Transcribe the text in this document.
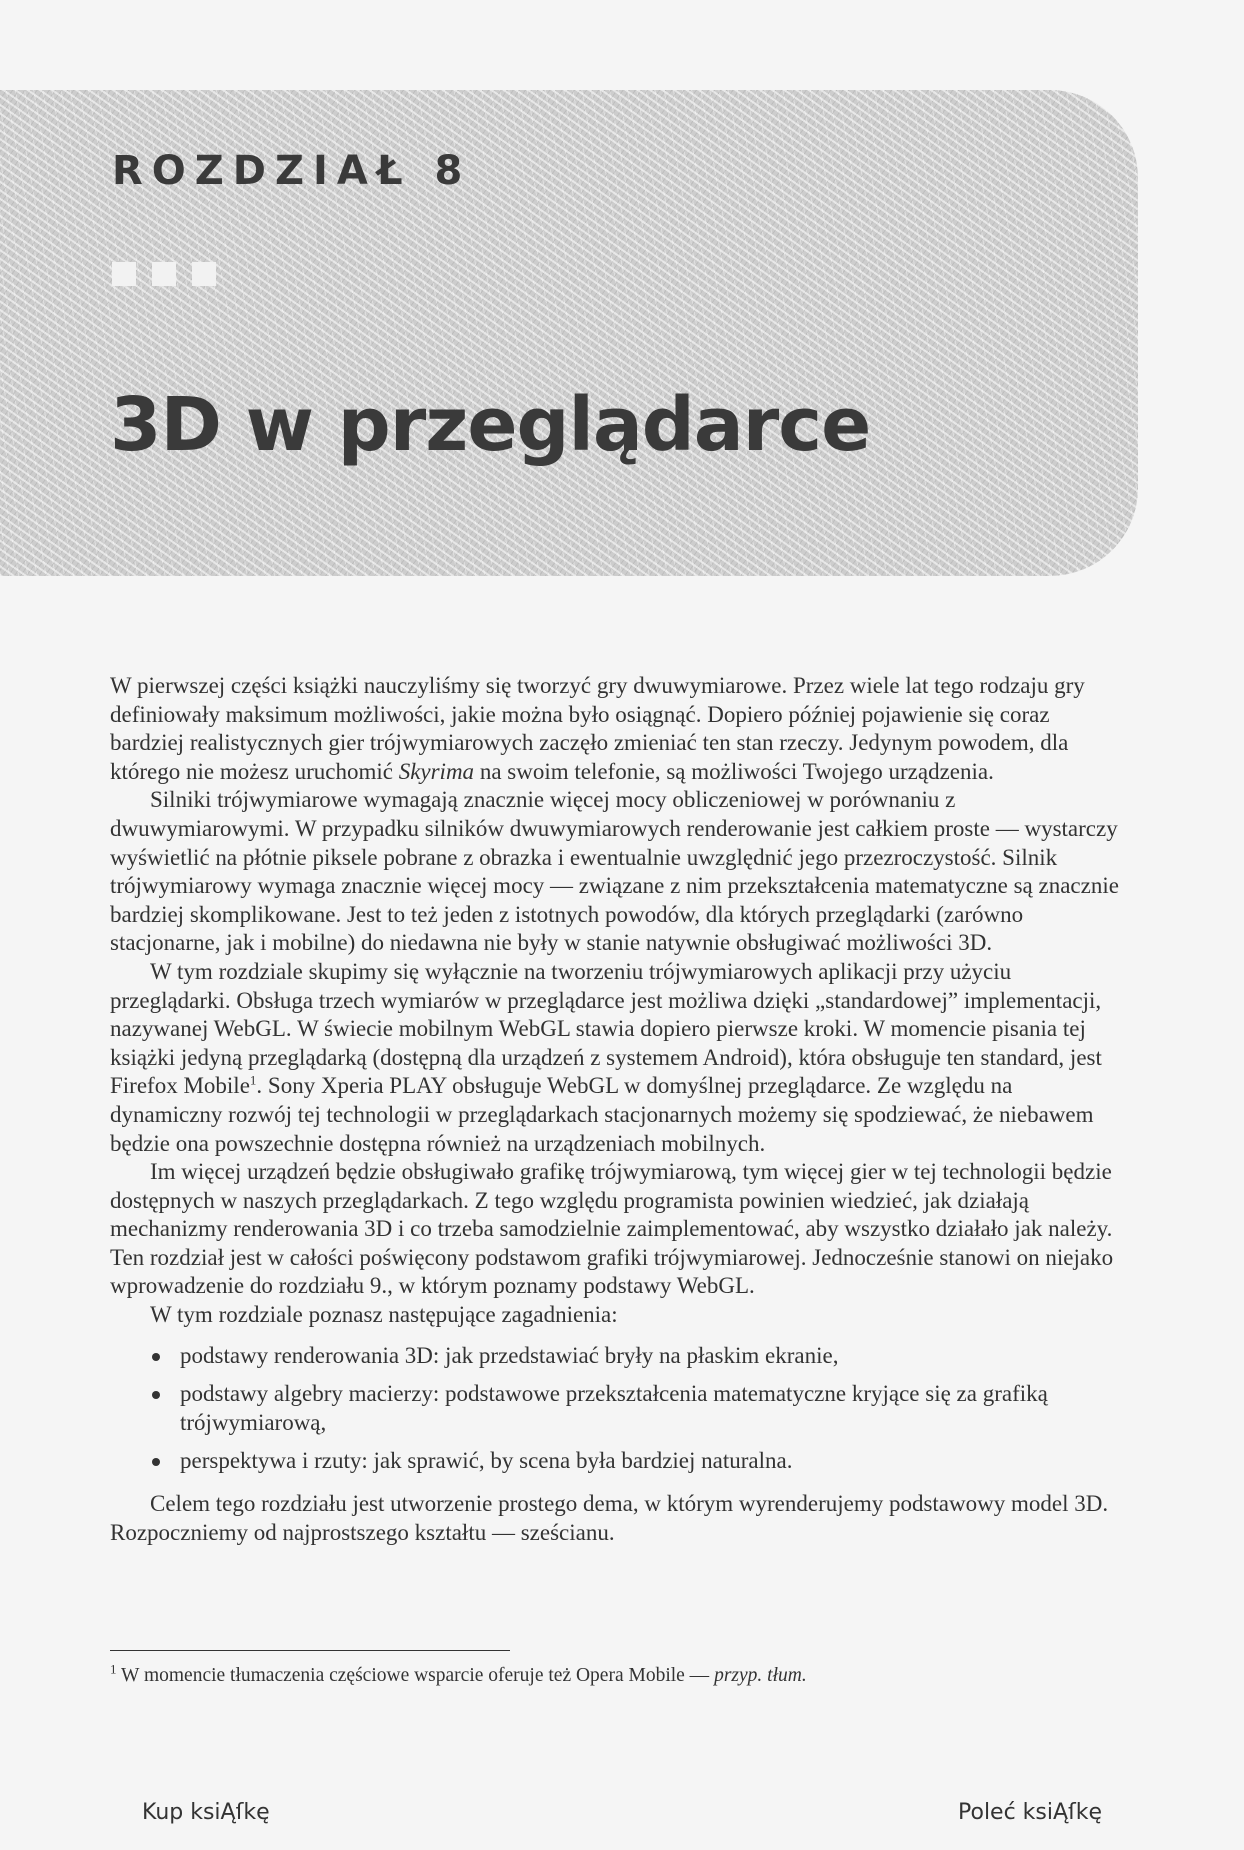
ROZDZIAŁ 8
3D w przeglądarce

W pierwszej części książki nauczyliśmy się tworzyć gry dwuwymiarowe. Przez wiele lat tego rodzaju gry definiowały maksimum możliwości, jakie można było osiągnąć. Dopiero później pojawienie się coraz bardziej realistycznych gier trójwymiarowych zaczęło zmieniać ten stan rzeczy. Jedynym powodem, dla którego nie możesz uruchomić Skyrima na swoim telefonie, są możliwości Twojego urządzenia.

Silniki trójwymiarowe wymagają znacznie więcej mocy obliczeniowej w porównaniu z dwuwymiarowymi. W przypadku silników dwuwymiarowych renderowanie jest całkiem proste — wystarczy wyświetlić na płótnie piksele pobrane z obrazka i ewentualnie uwzględnić jego przezroczystość. Silnik trójwymiarowy wymaga znacznie więcej mocy — związane z nim przekształcenia matematyczne są znacznie bardziej skomplikowane. Jest to też jeden z istotnych powodów, dla których przeglądarki (zarówno stacjonarne, jak i mobilne) do niedawna nie były w stanie natywnie obsługiwać możliwości 3D.

W tym rozdziale skupimy się wyłącznie na tworzeniu trójwymiarowych aplikacji przy użyciu przeglądarki. Obsługa trzech wymiarów w przeglądarce jest możliwa dzięki „standardowej” implementacji, nazywanej WebGL. W świecie mobilnym WebGL stawia dopiero pierwsze kroki. W momencie pisania tej książki jedyną przeglądarką (dostępną dla urządzeń z systemem Android), która obsługuje ten standard, jest Firefox Mobile$^1$. Sony Xperia PLAY obsługuje WebGL w domyślnej przeglądarce. Ze względu na dynamiczny rozwój tej technologii w przeglądarkach stacjonarnych możemy się spodziewać, że niebawem będzie ona powszechnie dostępna również na urządzeniach mobilnych.

Im więcej urządzeń będzie obsługiwało grafikę trójwymiarową, tym więcej gier w tej technologii będzie dostępnych w naszych przeglądarkach. Z tego względu programista powinien wiedzieć, jak działają mechanizmy renderowania 3D i co trzeba samodzielnie zaimplementować, aby wszystko działało jak należy. Ten rozdział jest w całości poświęcony podstawom grafiki trójwymiarowej. Jednocześnie stanowi on niejako wprowadzenie do rozdziału 9., w którym poznamy podstawy WebGL.

W tym rozdziale poznasz następujące zagadnienia:

podstawy renderowania 3D: jak przedstawiać bryły na płaskim ekranie,
podstawy algebry macierzy: podstawowe przekształcenia matematyczne kryjące się za grafiką trójwymiarową,
perspektywa i rzuty: jak sprawić, by scena była bardziej naturalna.

Celem tego rozdziału jest utworzenie prostego dema, w którym wyrenderujemy podstawowy model 3D. Rozpoczniemy od najprostszego kształtu — sześcianu.

$^1$ W momencie tłumaczenia częściowe wsparcie oferuje też Opera Mobile — przyp. tłum.
Kup ksiĄſkę	Poleć ksiĄſkę
